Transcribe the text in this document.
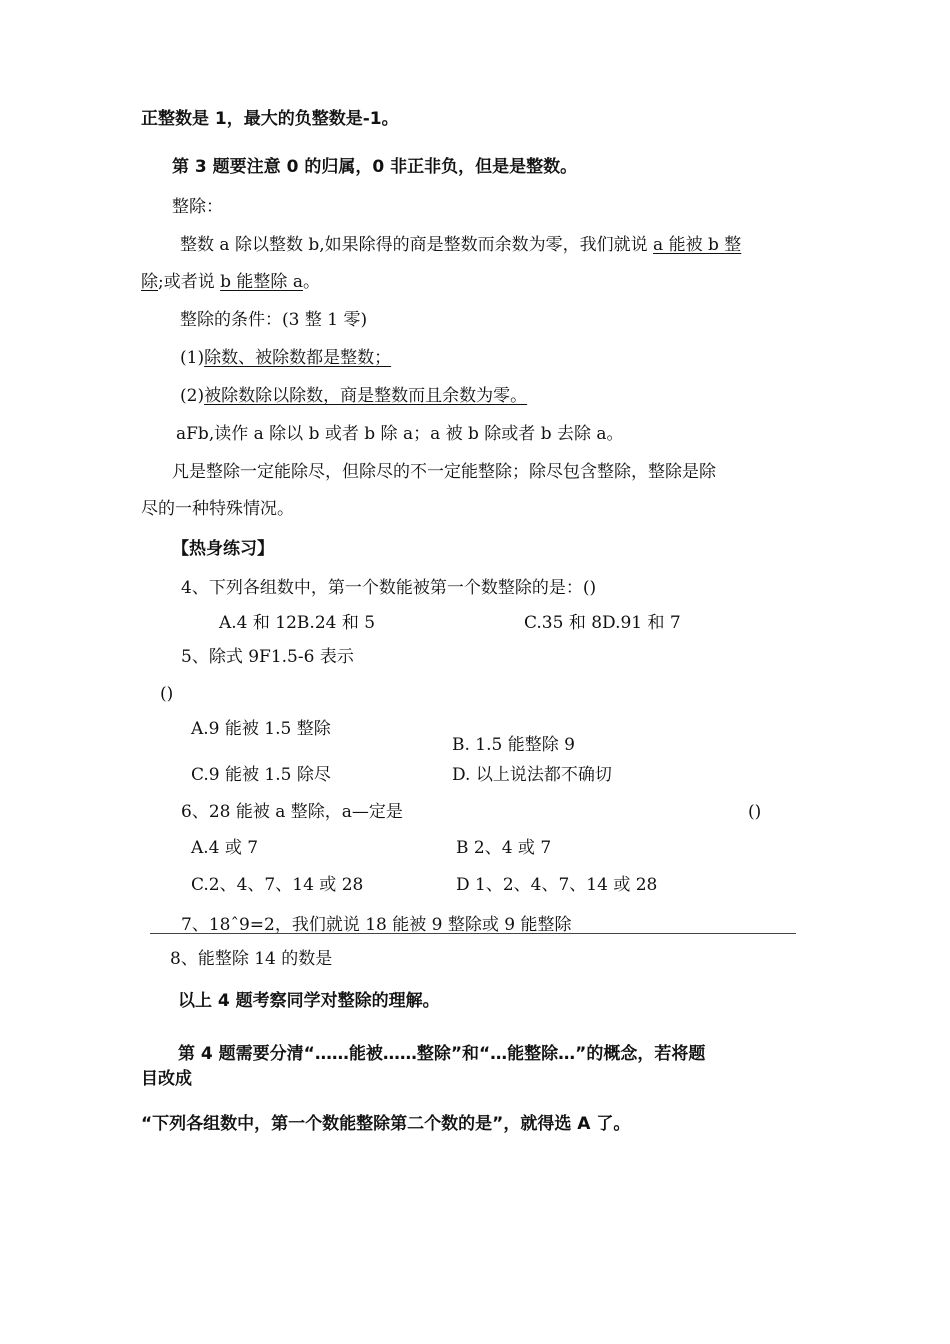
正整数是 1，最大的负整数是-1。
第 3 题要注意 0 的归属，0 非正非负，但是是整数。
整除：
整数 a 除以整数 b,如果除得的商是整数而余数为零，我们就说 a 能被 b 整
除;或者说 b 能整除 a。
整除的条件：(3 整 1 零)
(1)除数、被除数都是整数；
(2)被除数除以除数，商是整数而且余数为零。
aFb,读作 a 除以 b 或者 b 除 a；a 被 b 除或者 b 去除 a。
凡是整除一定能除尽，但除尽的不一定能整除；除尽包含整除，整除是除
尽的一种特殊情况。
【热身练习】
4、下列各组数中，第一个数能被第一个数整除的是：()
A.4 和 12B.24 和 5	C.35 和 8D.91 和 7
5、除式 9F1.5-6 表示
()
A.9 能被 1.5 整除
B. 1.5 能整除 9
C.9 能被 1.5 除尽	D. 以上说法都不确切
6、28 能被 a 整除，a—定是	()
A.4 或 7	B 2、4 或 7
C.2、4、7、14 或 28	D 1、2、4、7、14 或 28
7、18ˆ9=2，我们就说 18 能被 9 整除或 9 能整除
8、能整除 14 的数是
以上 4 题考察同学对整除的理解。
第 4 题需要分清“……能被……整除”和“…能整除…”的概念，若将题
目改成
“下列各组数中，第一个数能整除第二个数的是”，就得选 A 了。
